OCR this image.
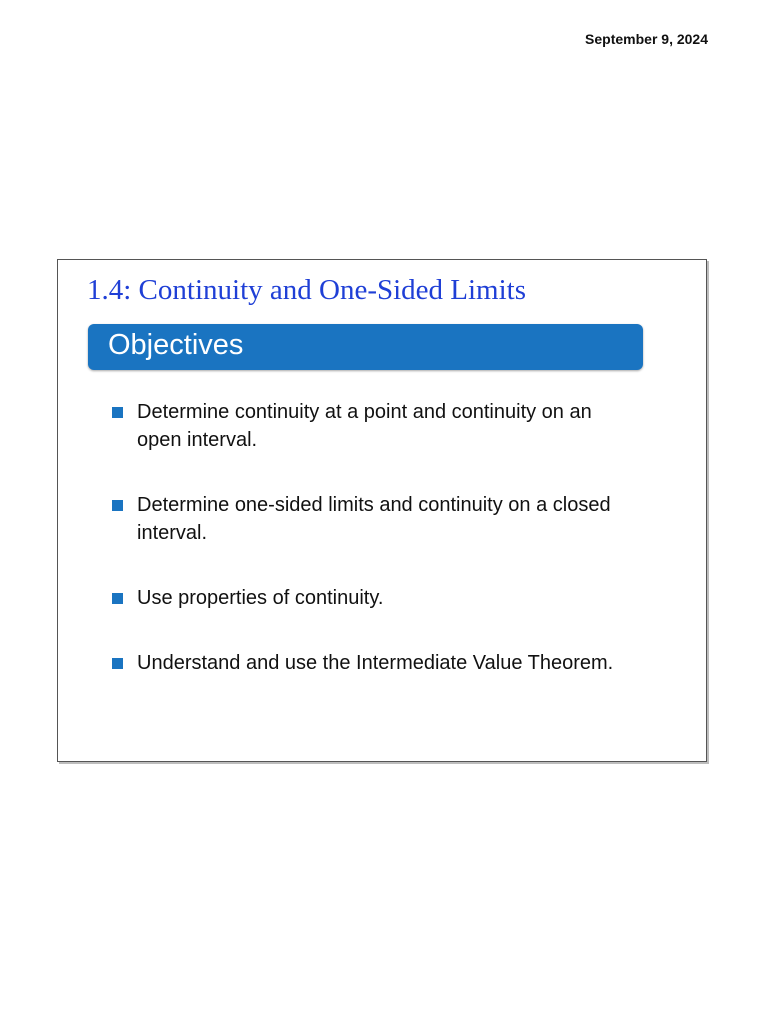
September 9, 2024
1.4: Continuity and One-Sided Limits
Objectives
Determine continuity at a point and continuity on an open interval.
Determine one-sided limits and continuity on a closed interval.
Use properties of continuity.
Understand and use the Intermediate Value Theorem.
